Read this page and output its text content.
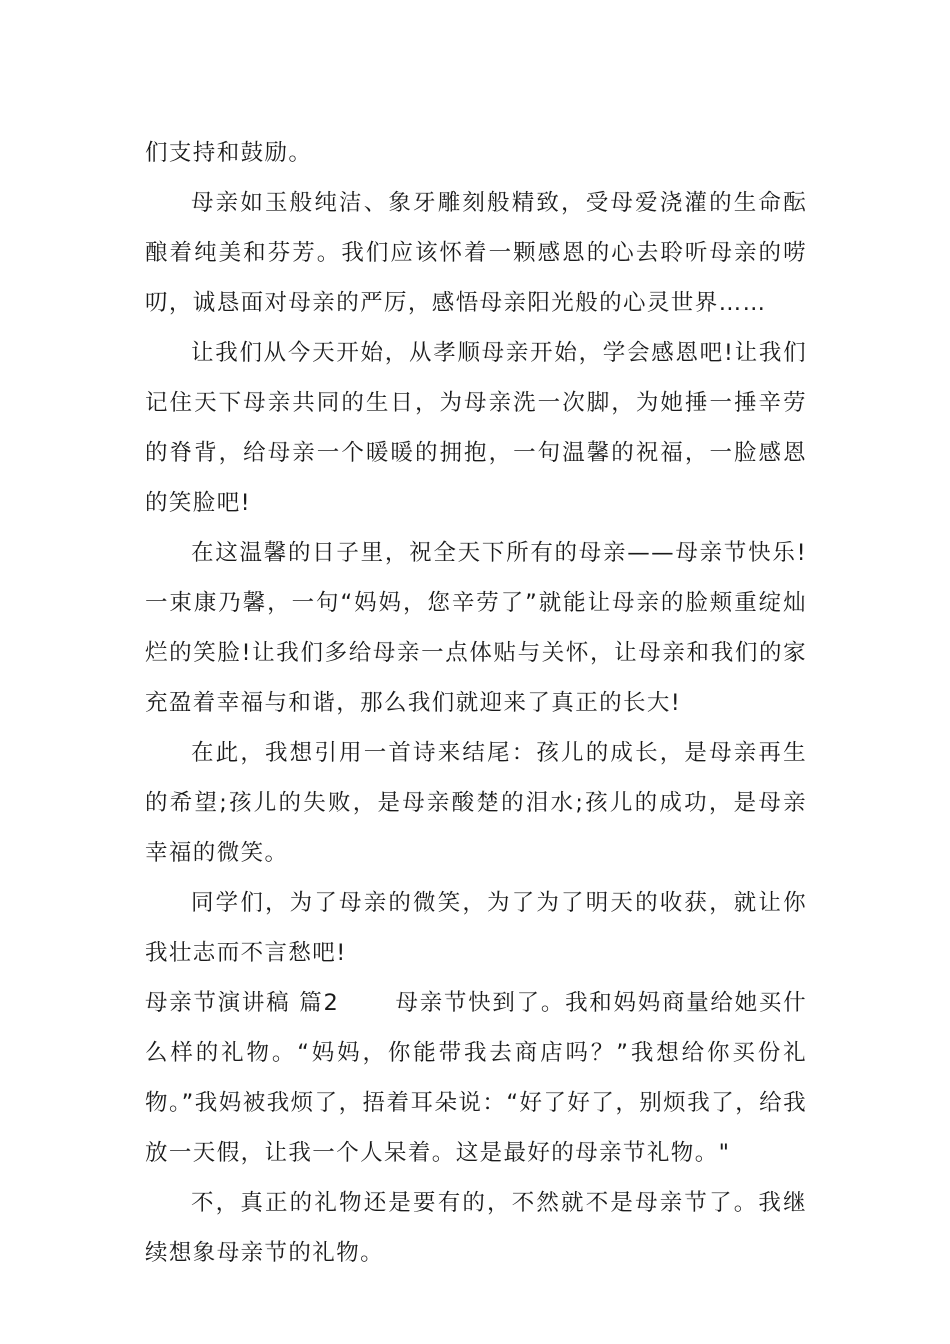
们支持和鼓励。

母亲如玉般纯洁、象牙雕刻般精致，受母爱浇灌的生命酝酿着纯美和芬芳。我们应该怀着一颗感恩的心去聆听母亲的唠叨，诚恳面对母亲的严厉，感悟母亲阳光般的心灵世界……

让我们从今天开始，从孝顺母亲开始，学会感恩吧!让我们记住天下母亲共同的生日，为母亲洗一次脚，为她捶一捶辛劳的脊背，给母亲一个暖暖的拥抱，一句温馨的祝福，一脸感恩的笑脸吧!

在这温馨的日子里，祝全天下所有的母亲——母亲节快乐!一束康乃馨，一句“妈妈，您辛劳了”就能让母亲的脸颊重绽灿烂的笑脸!让我们多给母亲一点体贴与关怀，让母亲和我们的家充盈着幸福与和谐，那么我们就迎来了真正的长大!

在此，我想引用一首诗来结尾：孩儿的成长，是母亲再生的希望;孩儿的失败，是母亲酸楚的泪水;孩儿的成功，是母亲幸福的微笑。

同学们，为了母亲的微笑，为了为了明天的收获，就让你我壮志而不言愁吧!

母亲节演讲稿 篇2 母亲节快到了。我和妈妈商量给她买什么样的礼物。“妈妈，你能带我去商店吗？”我想给你买份礼物。”我妈被我烦了，捂着耳朵说：“好了好了，别烦我了，给我放一天假，让我一个人呆着。这是最好的母亲节礼物。"

不，真正的礼物还是要有的，不然就不是母亲节了。我继续想象母亲节的礼物。
